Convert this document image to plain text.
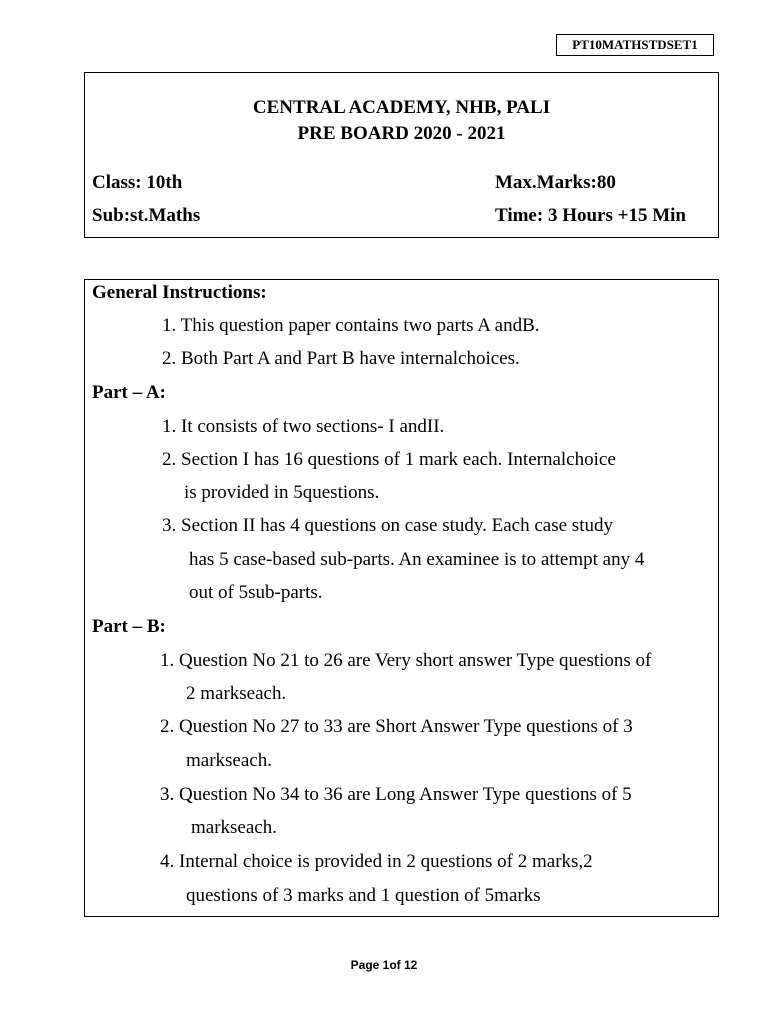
PT10MATHSTDSET1
CENTRAL ACADEMY, NHB, PALI
PRE BOARD 2020 - 2021
Class: 10th	Max.Marks:80
Sub:st.Maths	Time: 3 Hours +15 Min
General Instructions:
1. This question paper contains two parts A andB.
2. Both Part A and Part B have internalchoices.
Part – A:
1. It consists of two sections- I andII.
2. Section I has 16 questions of 1 mark each. Internalchoice
is provided in 5questions.
3. Section II has 4 questions on case study. Each case study
has 5 case-based sub-parts. An examinee is to attempt any 4
out of 5sub-parts.
Part – B:
1. Question No 21 to 26 are Very short answer Type questions of
2 markseach.
2. Question No 27 to 33 are Short Answer Type questions of 3
markseach.
3. Question No 34 to 36 are Long Answer Type questions of 5
markseach.
4. Internal choice is provided in 2 questions of 2 marks,2
questions of 3 marks and 1 question of 5marks
Page 1of 12
